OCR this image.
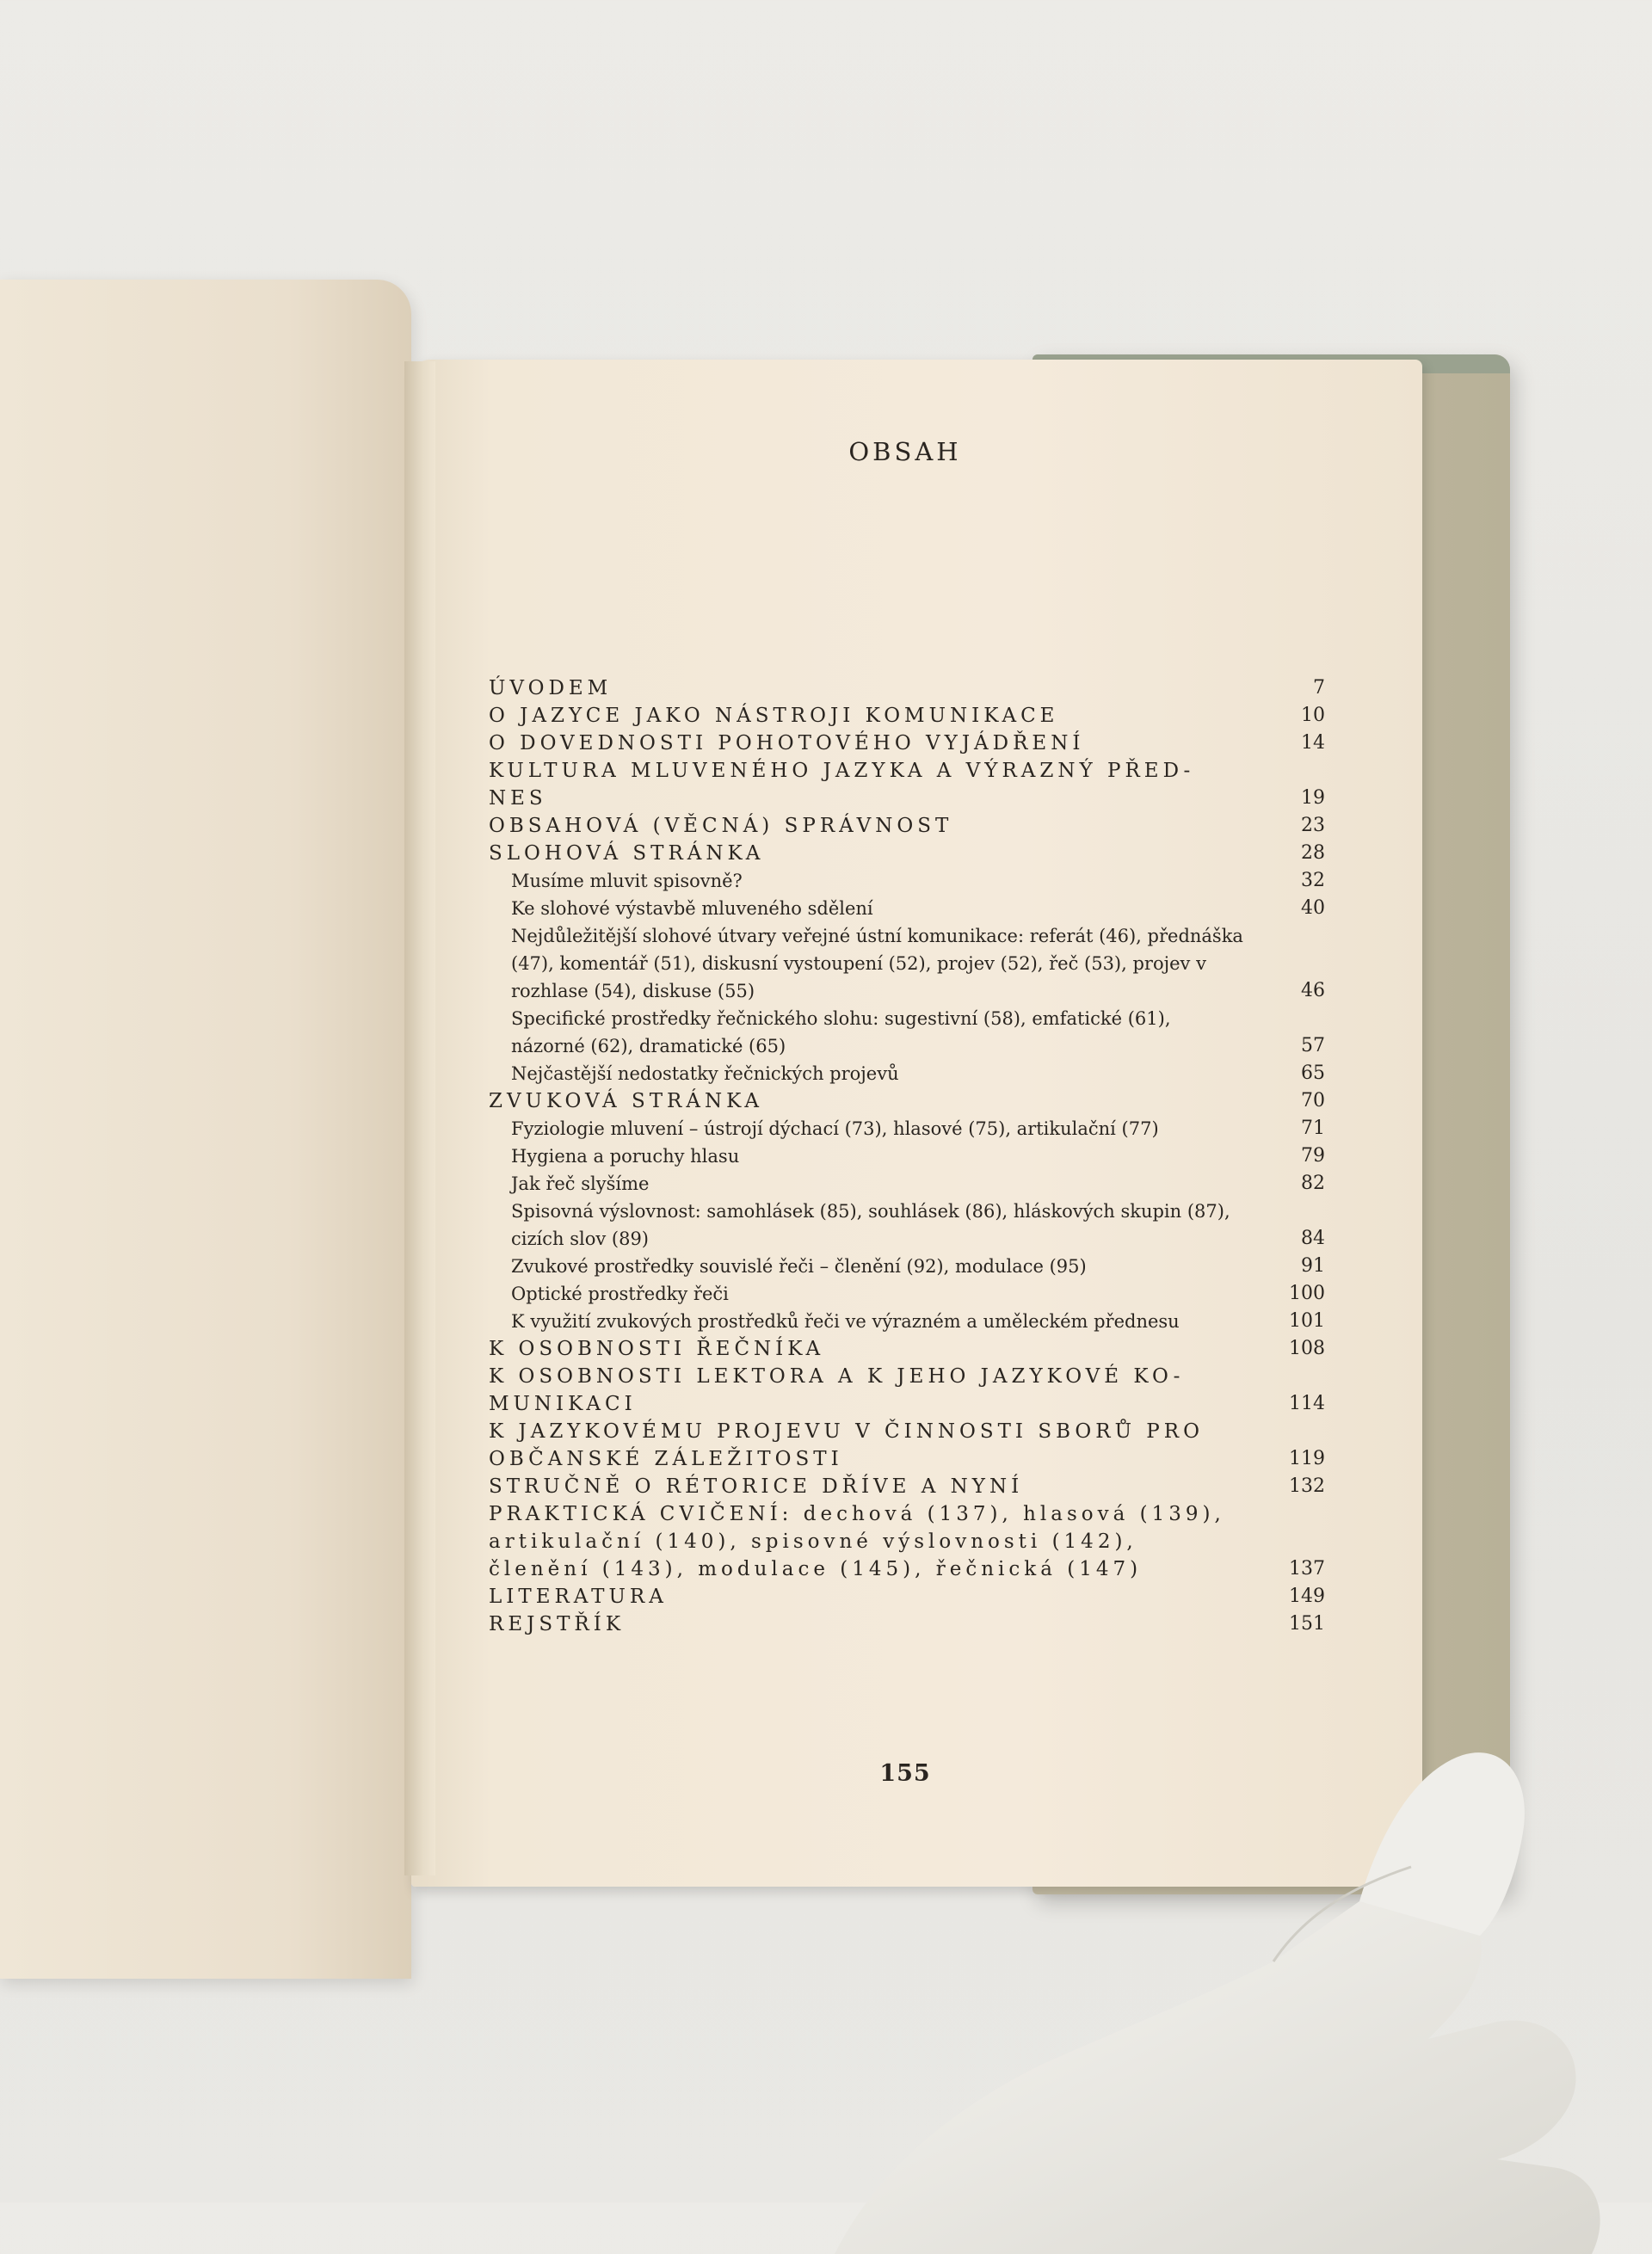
OBSAH
ÚVODEM	7
O JAZYCE JAKO NÁSTROJI KOMUNIKACE	10
O DOVEDNOSTI POHOTOVÉHO VYJÁDŘENÍ	14
KULTURA MLUVENÉHO JAZYKA A VÝRAZNÝ PŘED-NES	19
OBSAHOVÁ (VĚCNÁ) SPRÁVNOST	23
SLOHOVÁ STRÁNKA	28
Musíme mluvit spisovně?	32
Ke slohové výstavbě mluveného sdělení	40
Nejdůležitější slohové útvary veřejné ústní komunikace: referát (46), přednáška (47), komentář (51), diskusní vystoupení (52), projev (52), řeč (53), projev v rozhlase (54), diskuse (55)	46
Specifické prostředky řečnického slohu: sugestivní (58), emfatické (61), názorné (62), dramatické (65)	57
Nejčastější nedostatky řečnických projevů	65
ZVUKOVÁ STRÁNKA	70
Fyziologie mluvení – ústrojí dýchací (73), hlasové (75), artikulační (77)	71
Hygiena a poruchy hlasu	79
Jak řeč slyšíme	82
Spisovná výslovnost: samohlásek (85), souhlásek (86), hláskových skupin (87), cizích slov (89)	84
Zvukové prostředky souvislé řeči – členění (92), modulace (95)	91
Optické prostředky řeči	100
K využití zvukových prostředků řeči ve výrazném a uměleckém přednesu	101
K OSOBNOSTI ŘEČNÍKA	108
K OSOBNOSTI LEKTORA A K JEHO JAZYKOVÉ KO-MUNIKACI	114
K JAZYKOVÉMU PROJEVU V ČINNOSTI SBORŮ PRO OBČANSKÉ ZÁLEŽITOSTI	119
STRUČNĚ O RÉTORICE DŘÍVE A NYNÍ	132
PRAKTICKÁ CVIČENÍ: dechová (137), hlasová (139), artikulační (140), spisovné výslovnosti (142), členění (143), modulace (145), řečnická (147)	137
LITERATURA	149
REJSTŘÍK	151
155
